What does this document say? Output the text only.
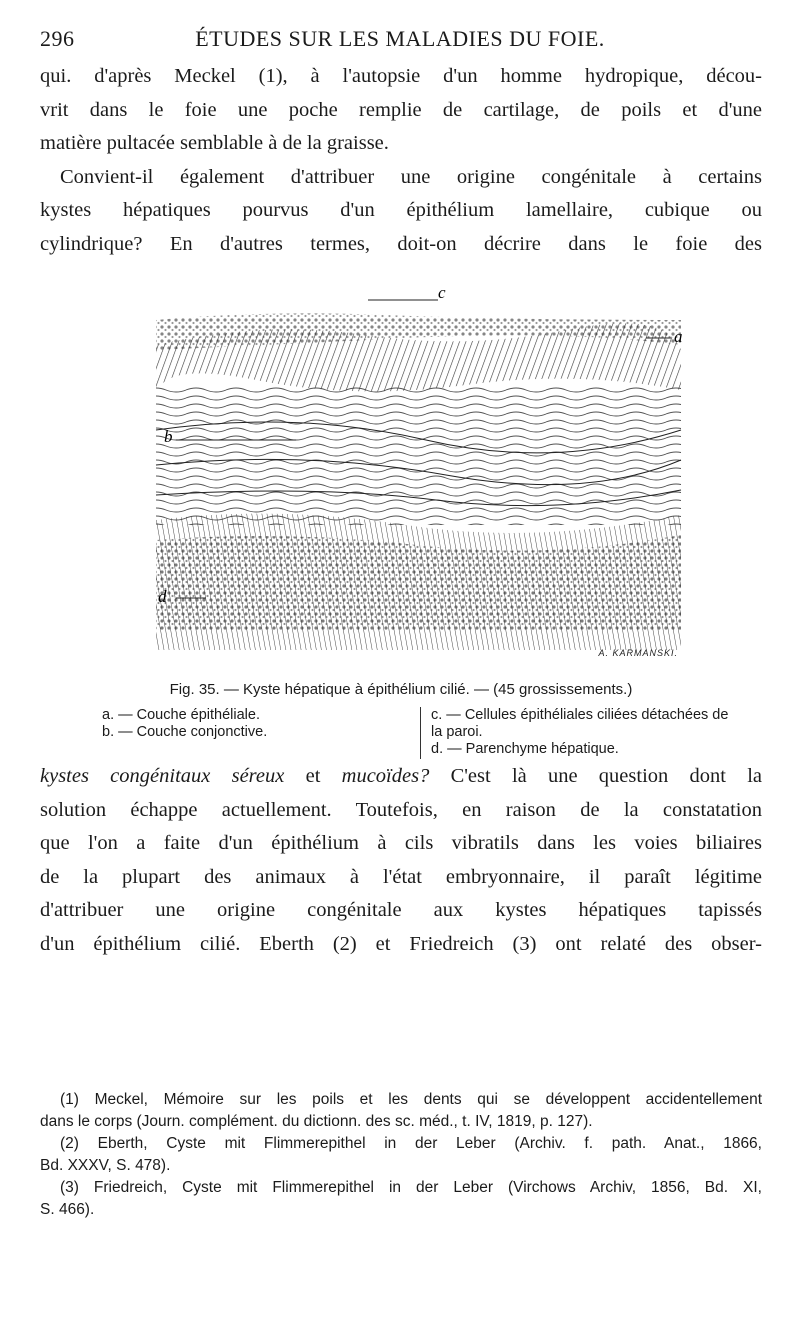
296	ÉTUDES SUR LES MALADIES DU FOIE.
qui. d'après Meckel (1), à l'autopsie d'un homme hydropique, décou-
vrit dans le foie une poche remplie de cartilage, de poils et d'une
matière pultacée semblable à de la graisse.
Convient-il également d'attribuer une origine congénitale à certains
kystes hépatiques pourvus d'un épithélium lamellaire, cubique ou
cylindrique? En d'autres termes, doit-on décrire dans le foie des
c
a
b
d
A. KARMANSKI.
Fig. 35. — Kyste hépatique à épithélium cilié. — (45 grossissements.)
a. — Couche épithéliale.
b. — Couche conjonctive.
c. — Cellules épithéliales ciliées détachées de
la paroi.
d. — Parenchyme hépatique.
kystes congénitaux séreux et mucoïdes? C'est là une question dont la
solution échappe actuellement. Toutefois, en raison de la constatation
que l'on a faite d'un épithélium à cils vibratils dans les voies biliaires
de la plupart des animaux à l'état embryonnaire, il paraît légitime
d'attribuer une origine congénitale aux kystes hépatiques tapissés
d'un épithélium cilié. Eberth (2) et Friedreich (3) ont relaté des obser-
(1) Meckel, Mémoire sur les poils et les dents qui se développent accidentellement
dans le corps (Journ. complément. du dictionn. des sc. méd., t. IV, 1819, p. 127).
(2) Eberth, Cyste mit Flimmerepithel in der Leber (Archiv. f. path. Anat., 1866,
Bd. XXXV, S. 478).
(3) Friedreich, Cyste mit Flimmerepithel in der Leber (Virchows Archiv, 1856, Bd. XI,
S. 466).
